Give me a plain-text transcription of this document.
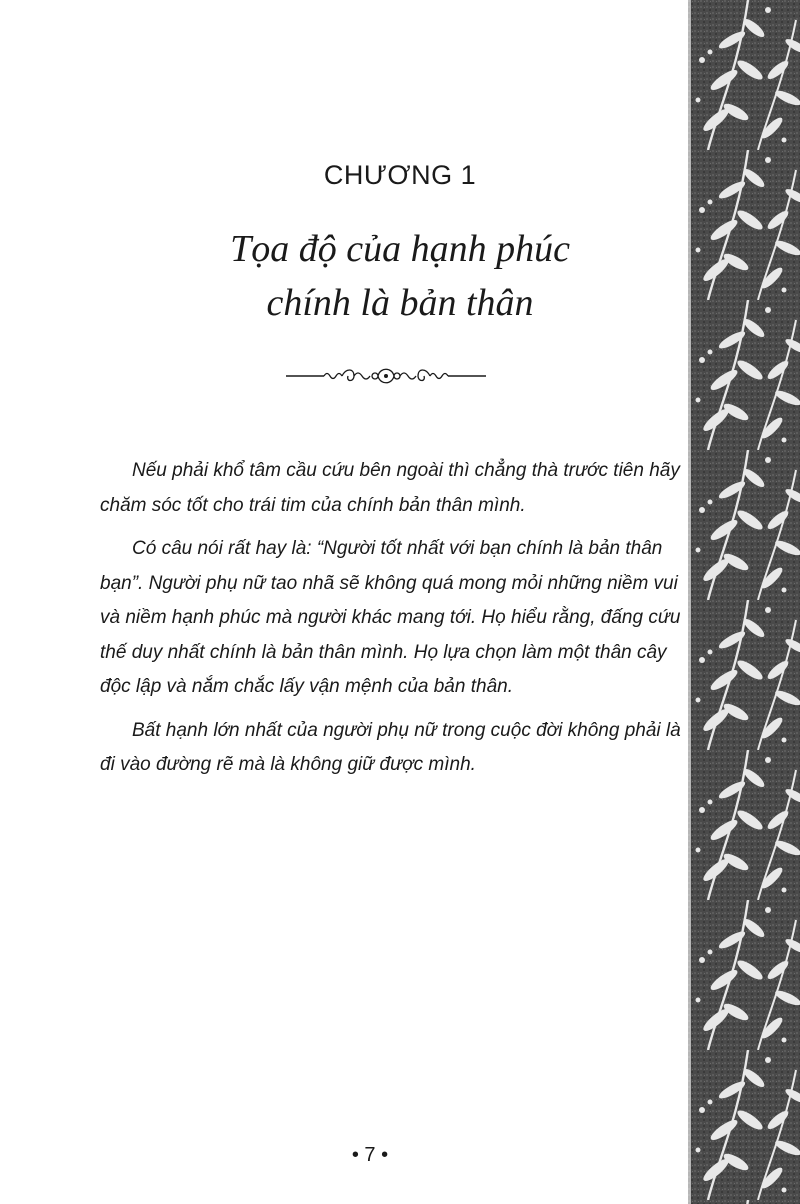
CHƯƠNG 1
Tọa độ của hạnh phúc
chính là bản thân

Nếu phải khổ tâm cầu cứu bên ngoài thì chẳng thà trước tiên hãy chăm sóc tốt cho trái tim của chính bản thân mình.

Có câu nói rất hay là: “Người tốt nhất với bạn chính là bản thân bạn”. Người phụ nữ tao nhã sẽ không quá mong mỏi những niềm vui và niềm hạnh phúc mà người khác mang tới. Họ hiểu rằng, đấng cứu thế duy nhất chính là bản thân mình. Họ lựa chọn làm một thân cây độc lập và nắm chắc lấy vận mệnh của bản thân.

Bất hạnh lớn nhất của người phụ nữ trong cuộc đời không phải là đi vào đường rẽ mà là không giữ được mình.

• 7 •
